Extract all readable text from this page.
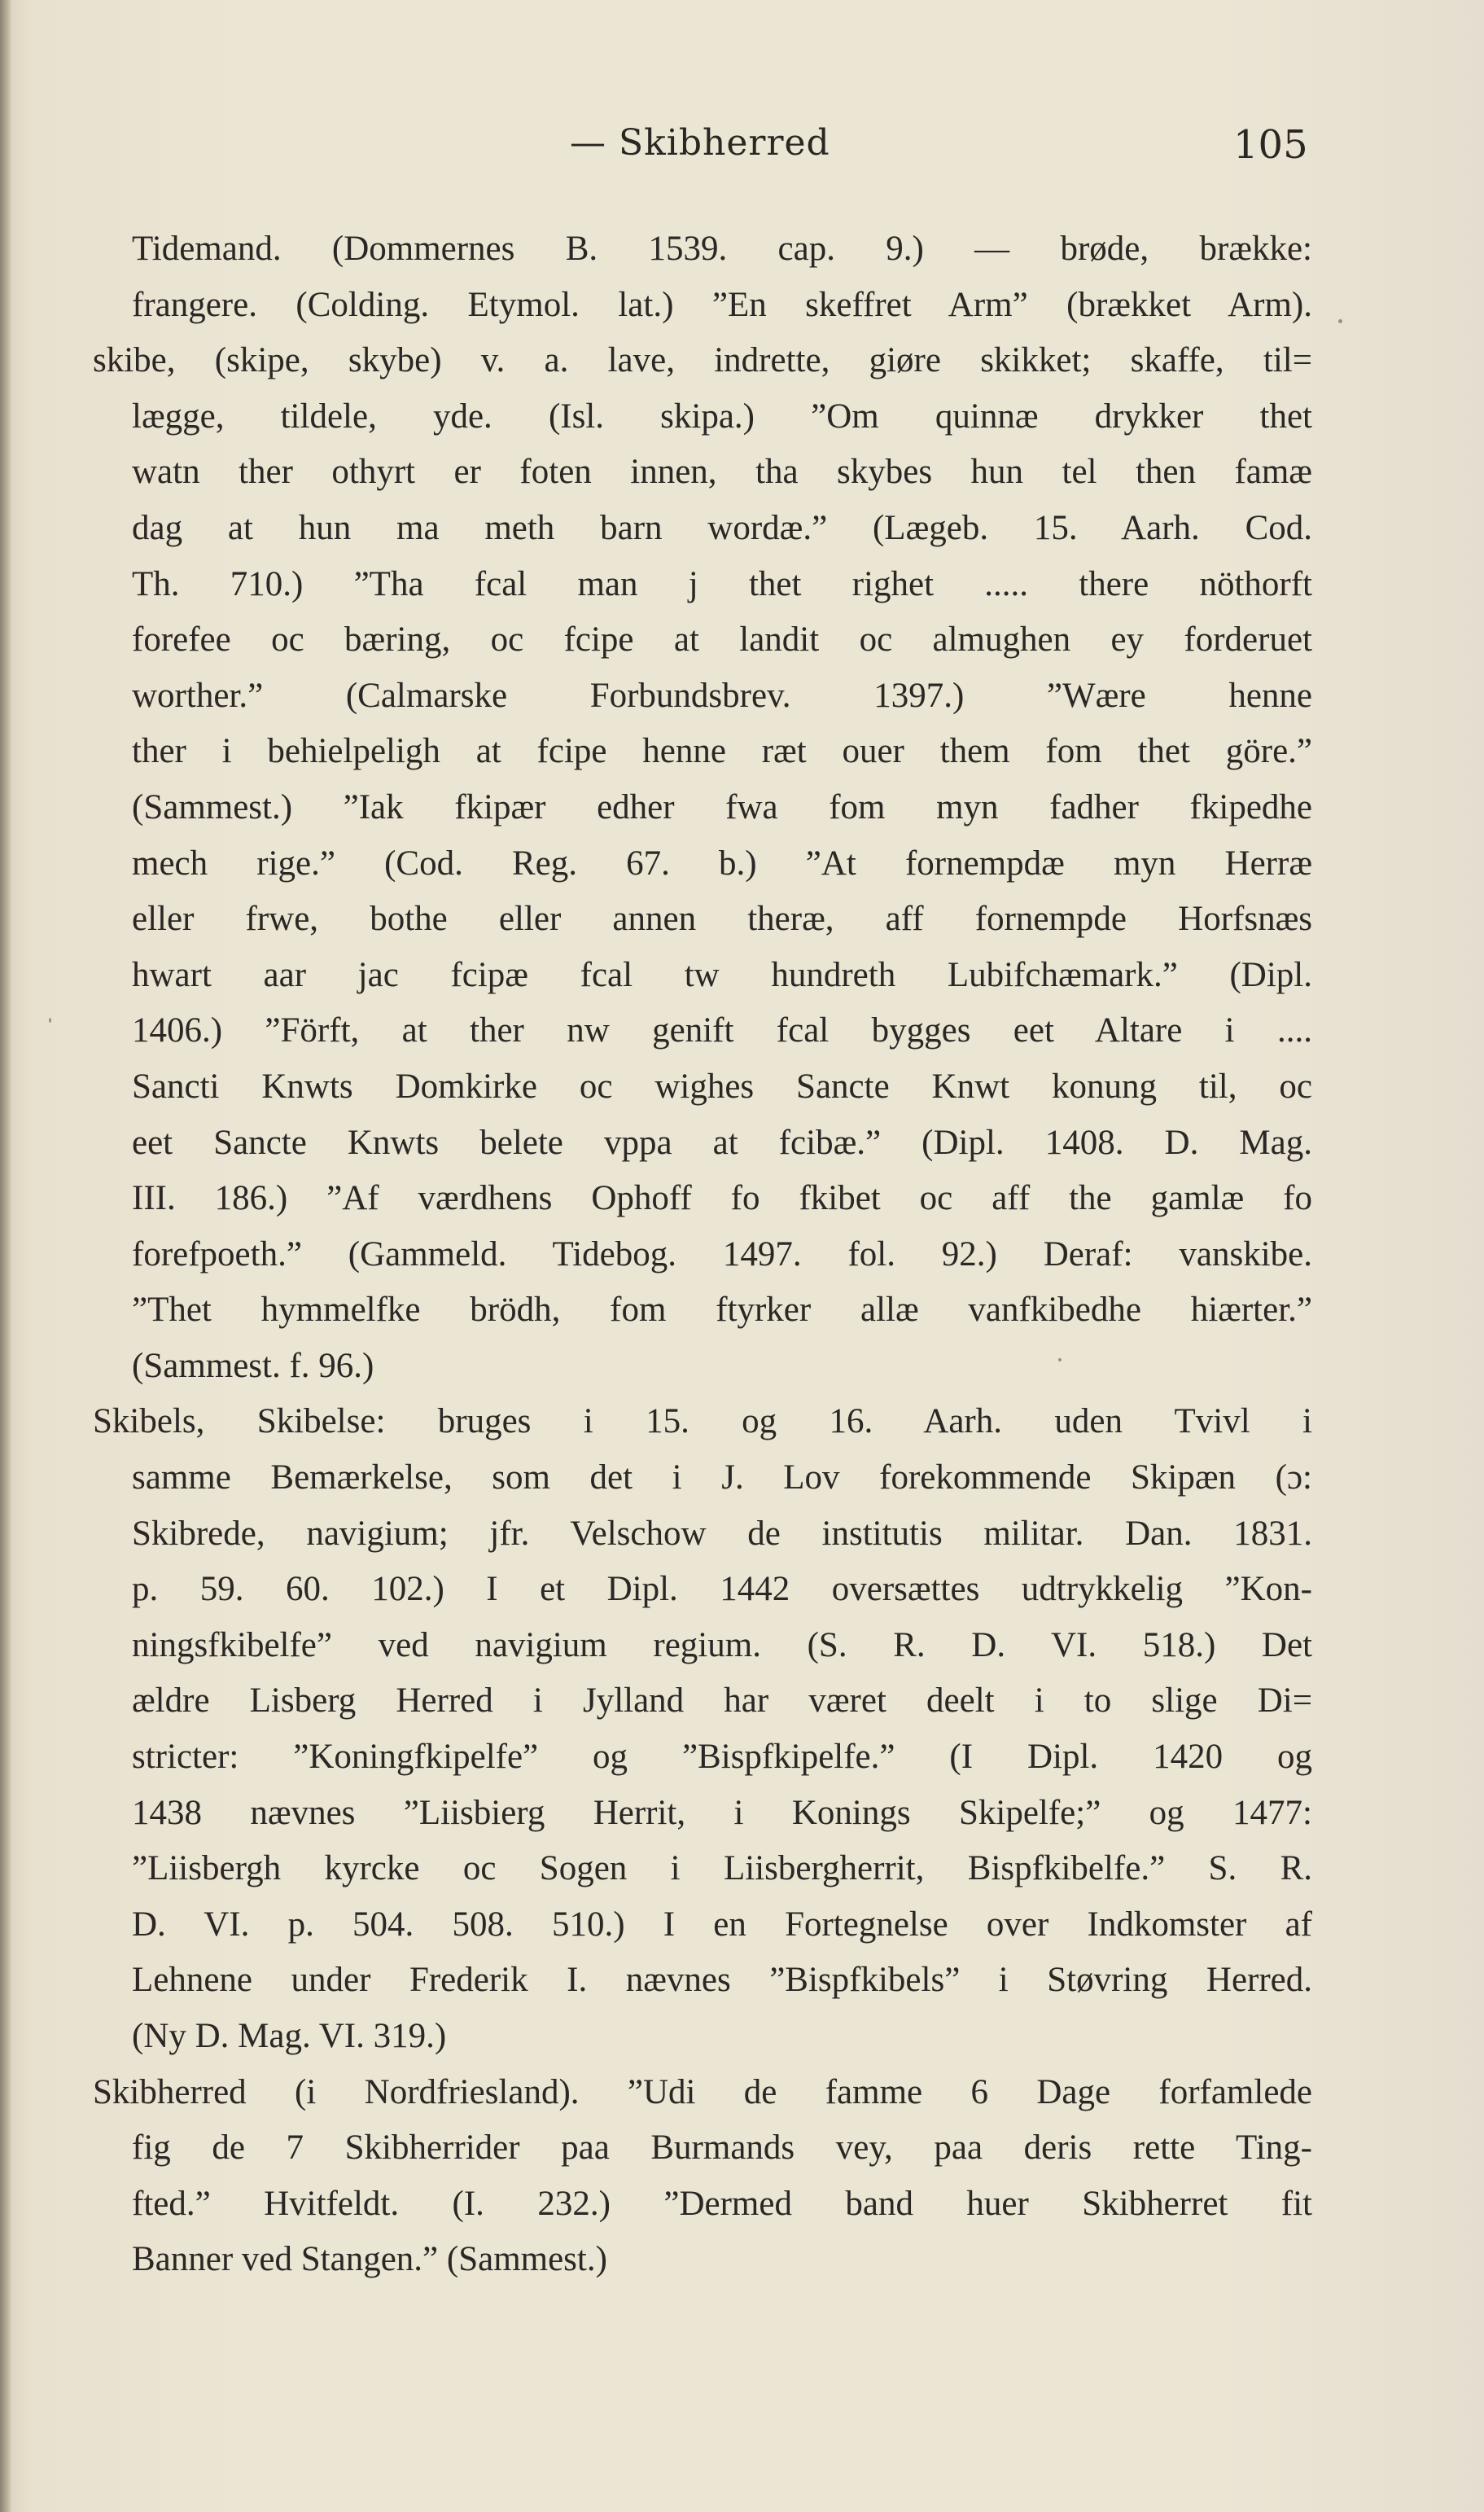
— Skibherred	105
Tidemand. (Dommernes B. 1539. cap. 9.) — brøde, brække:
frangere. (Colding. Etymol. lat.) ”En skeffret Arm” (brækket Arm).
skibe, (skipe, skybe) v. a. lave, indrette, giøre skikket; skaffe, til=
lægge, tildele, yde. (Isl. skipa.) ”Om quinnæ drykker thet
watn ther othyrt er foten innen, tha skybes hun tel then famæ
dag at hun ma meth barn wordæ.” (Lægeb. 15. Aarh. Cod.
Th. 710.) ”Tha fcal man j thet righet ..... there nöthorft
forefee oc bæring, oc fcipe at landit oc almughen ey forderuet
worther.” (Calmarske Forbundsbrev. 1397.) ”Wære henne
ther i behielpeligh at fcipe henne ræt ouer them fom thet göre.”
(Sammest.) ”Iak fkipær edher fwa fom myn fadher fkipedhe
mech rige.” (Cod. Reg. 67. b.) ”At fornempdæ myn Herræ
eller frwe, bothe eller annen theræ, aff fornempde Horfsnæs
hwart aar jac fcipæ fcal tw hundreth Lubifchæmark.” (Dipl.
1406.) ”Förft, at ther nw genift fcal bygges eet Altare i ....
Sancti Knwts Domkirke oc wighes Sancte Knwt konung til, oc
eet Sancte Knwts belete vppa at fcibæ.” (Dipl. 1408. D. Mag.
III. 186.) ”Af værdhens Ophoff fo fkibet oc aff the gamlæ fo
forefpoeth.” (Gammeld. Tidebog. 1497. fol. 92.) Deraf: vanskibe.
”Thet hymmelfke brödh, fom ftyrker allæ vanfkibedhe hiærter.”
(Sammest. f. 96.)
Skibels, Skibelse: bruges i 15. og 16. Aarh. uden Tvivl i
samme Bemærkelse, som det i J. Lov forekommende Skipæn (ɔ:
Skibrede, navigium; jfr. Velschow de institutis militar. Dan. 1831.
p. 59. 60. 102.) I et Dipl. 1442 oversættes udtrykkelig ”Kon-
ningsfkibelfe” ved navigium regium. (S. R. D. VI. 518.) Det
ældre Lisberg Herred i Jylland har været deelt i to slige Di=
stricter: ”Koningfkipelfe” og ”Bispfkipelfe.” (I Dipl. 1420 og
1438 nævnes ”Liisbierg Herrit, i Konings Skipelfe;” og 1477:
”Liisbergh kyrcke oc Sogen i Liisbergherrit, Bispfkibelfe.” S. R.
D. VI. p. 504. 508. 510.) I en Fortegnelse over Indkomster af
Lehnene under Frederik I. nævnes ”Bispfkibels” i Støvring Herred.
(Ny D. Mag. VI. 319.)
Skibherred (i Nordfriesland). ”Udi de famme 6 Dage forfamlede
fig de 7 Skibherrider paa Burmands vey, paa deris rette Ting-
fted.” Hvitfeldt. (I. 232.) ”Dermed band huer Skibherret fit
Banner ved Stangen.” (Sammest.)
